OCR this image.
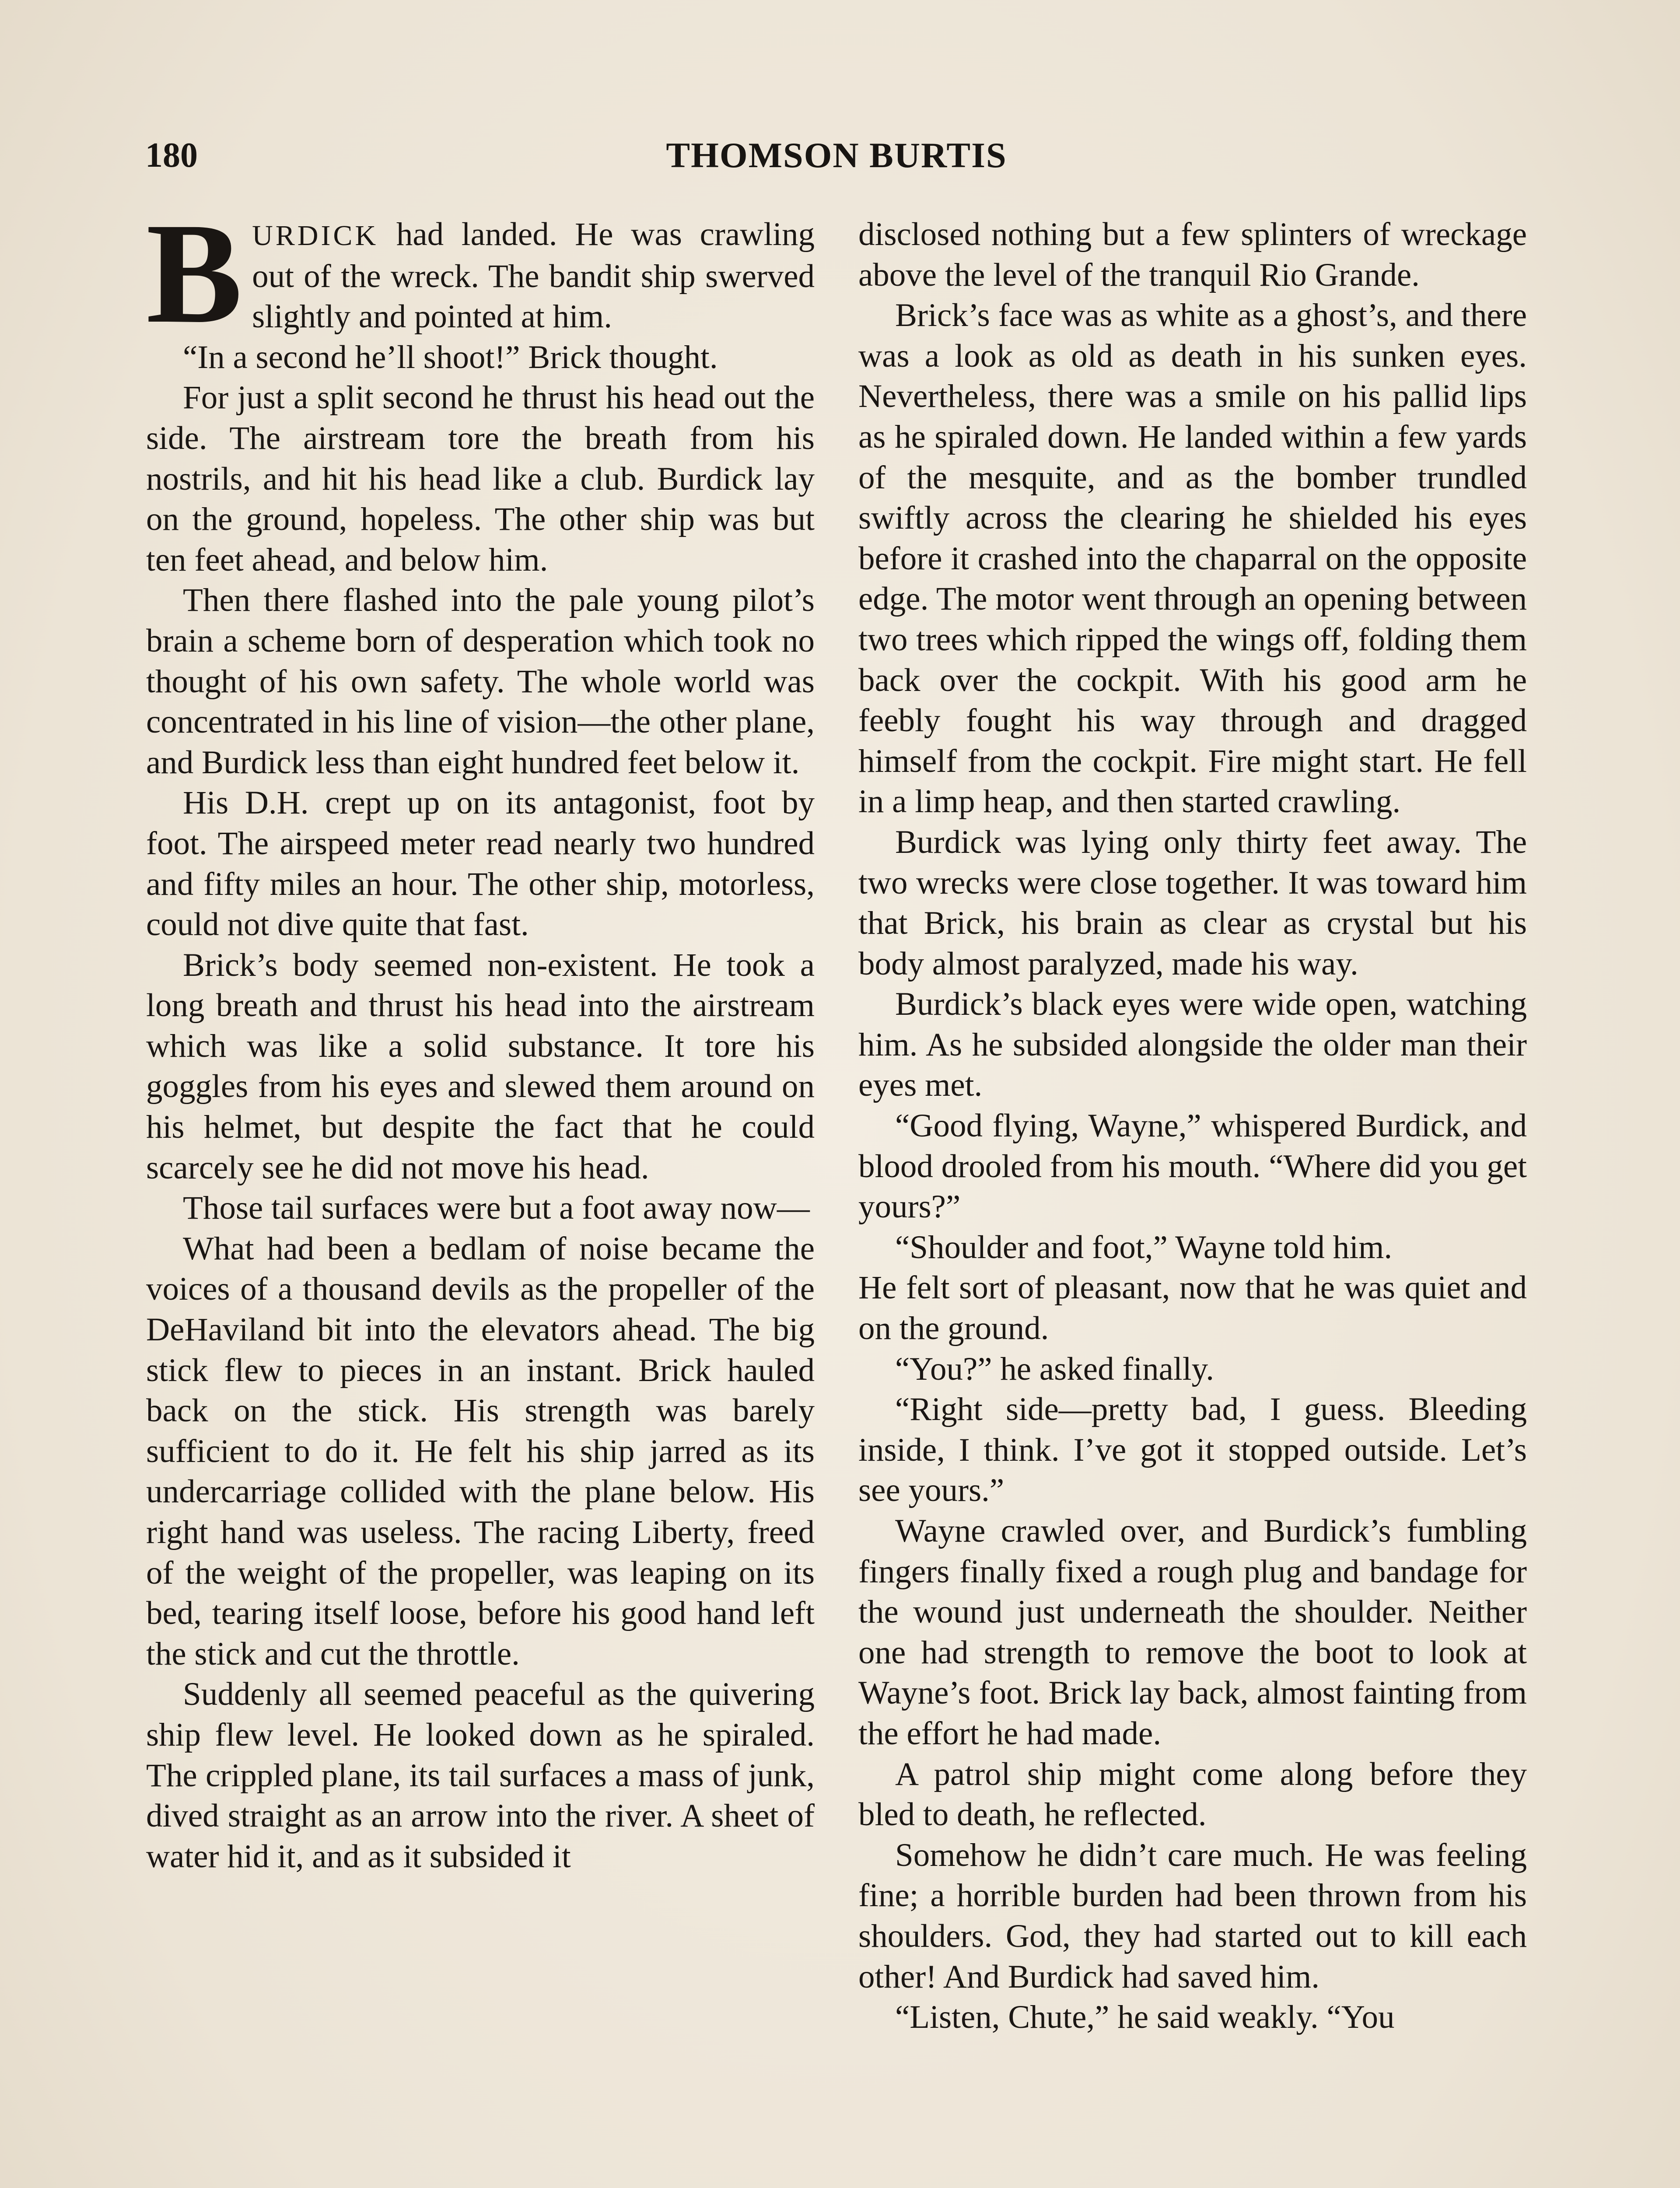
180	THOMSON BURTIS

BURDICK had landed. He was crawling out of the wreck. The bandit ship swerved slightly and pointed at him.

“In a second he’ll shoot!” Brick thought.

For just a split second he thrust his head out the side. The airstream tore the breath from his nostrils, and hit his head like a club. Burdick lay on the ground, hopeless. The other ship was but ten feet ahead, and below him.

Then there flashed into the pale young pilot’s brain a scheme born of desperation which took no thought of his own safety. The whole world was concentrated in his line of vision—the other plane, and Burdick less than eight hundred feet below it.

His D.H. crept up on its antagonist, foot by foot. The airspeed meter read nearly two hundred and fifty miles an hour. The other ship, motorless, could not dive quite that fast.

Brick’s body seemed non-existent. He took a long breath and thrust his head into the airstream which was like a solid substance. It tore his goggles from his eyes and slewed them around on his helmet, but despite the fact that he could scarcely see he did not move his head.

Those tail surfaces were but a foot away now—

What had been a bedlam of noise became the voices of a thousand devils as the propeller of the DeHaviland bit into the elevators ahead. The big stick flew to pieces in an instant. Brick hauled back on the stick. His strength was barely sufficient to do it. He felt his ship jarred as its undercarriage collided with the plane below. His right hand was useless. The racing Liberty, freed of the weight of the propeller, was leaping on its bed, tearing itself loose, before his good hand left the stick and cut the throttle.

Suddenly all seemed peaceful as the quivering ship flew level. He looked down as he spiraled. The crippled plane, its tail surfaces a mass of junk, dived straight as an arrow into the river. A sheet of water hid it, and as it subsided it

disclosed nothing but a few splinters of wreckage above the level of the tranquil Rio Grande.

Brick’s face was as white as a ghost’s, and there was a look as old as death in his sunken eyes. Nevertheless, there was a smile on his pallid lips as he spiraled down. He landed within a few yards of the mesquite, and as the bomber trundled swiftly across the clearing he shielded his eyes before it crashed into the chaparral on the opposite edge. The motor went through an opening between two trees which ripped the wings off, folding them back over the cockpit. With his good arm he feebly fought his way through and dragged himself from the cockpit. Fire might start. He fell in a limp heap, and then started crawling.

Burdick was lying only thirty feet away. The two wrecks were close together. It was toward him that Brick, his brain as clear as crystal but his body almost paralyzed, made his way.

Burdick’s black eyes were wide open, watching him. As he subsided alongside the older man their eyes met.

“Good flying, Wayne,” whispered Burdick, and blood drooled from his mouth. “Where did you get yours?”

“Shoulder and foot,” Wayne told him.

He felt sort of pleasant, now that he was quiet and on the ground.

“You?” he asked finally.

“Right side—pretty bad, I guess. Bleeding inside, I think. I’ve got it stopped outside. Let’s see yours.”

Wayne crawled over, and Burdick’s fumbling fingers finally fixed a rough plug and bandage for the wound just underneath the shoulder. Neither one had strength to remove the boot to look at Wayne’s foot. Brick lay back, almost fainting from the effort he had made.

A patrol ship might come along before they bled to death, he reflected.

Somehow he didn’t care much. He was feeling fine; a horrible burden had been thrown from his shoulders. God, they had started out to kill each other! And Burdick had saved him.

“Listen, Chute,” he said weakly. “You
